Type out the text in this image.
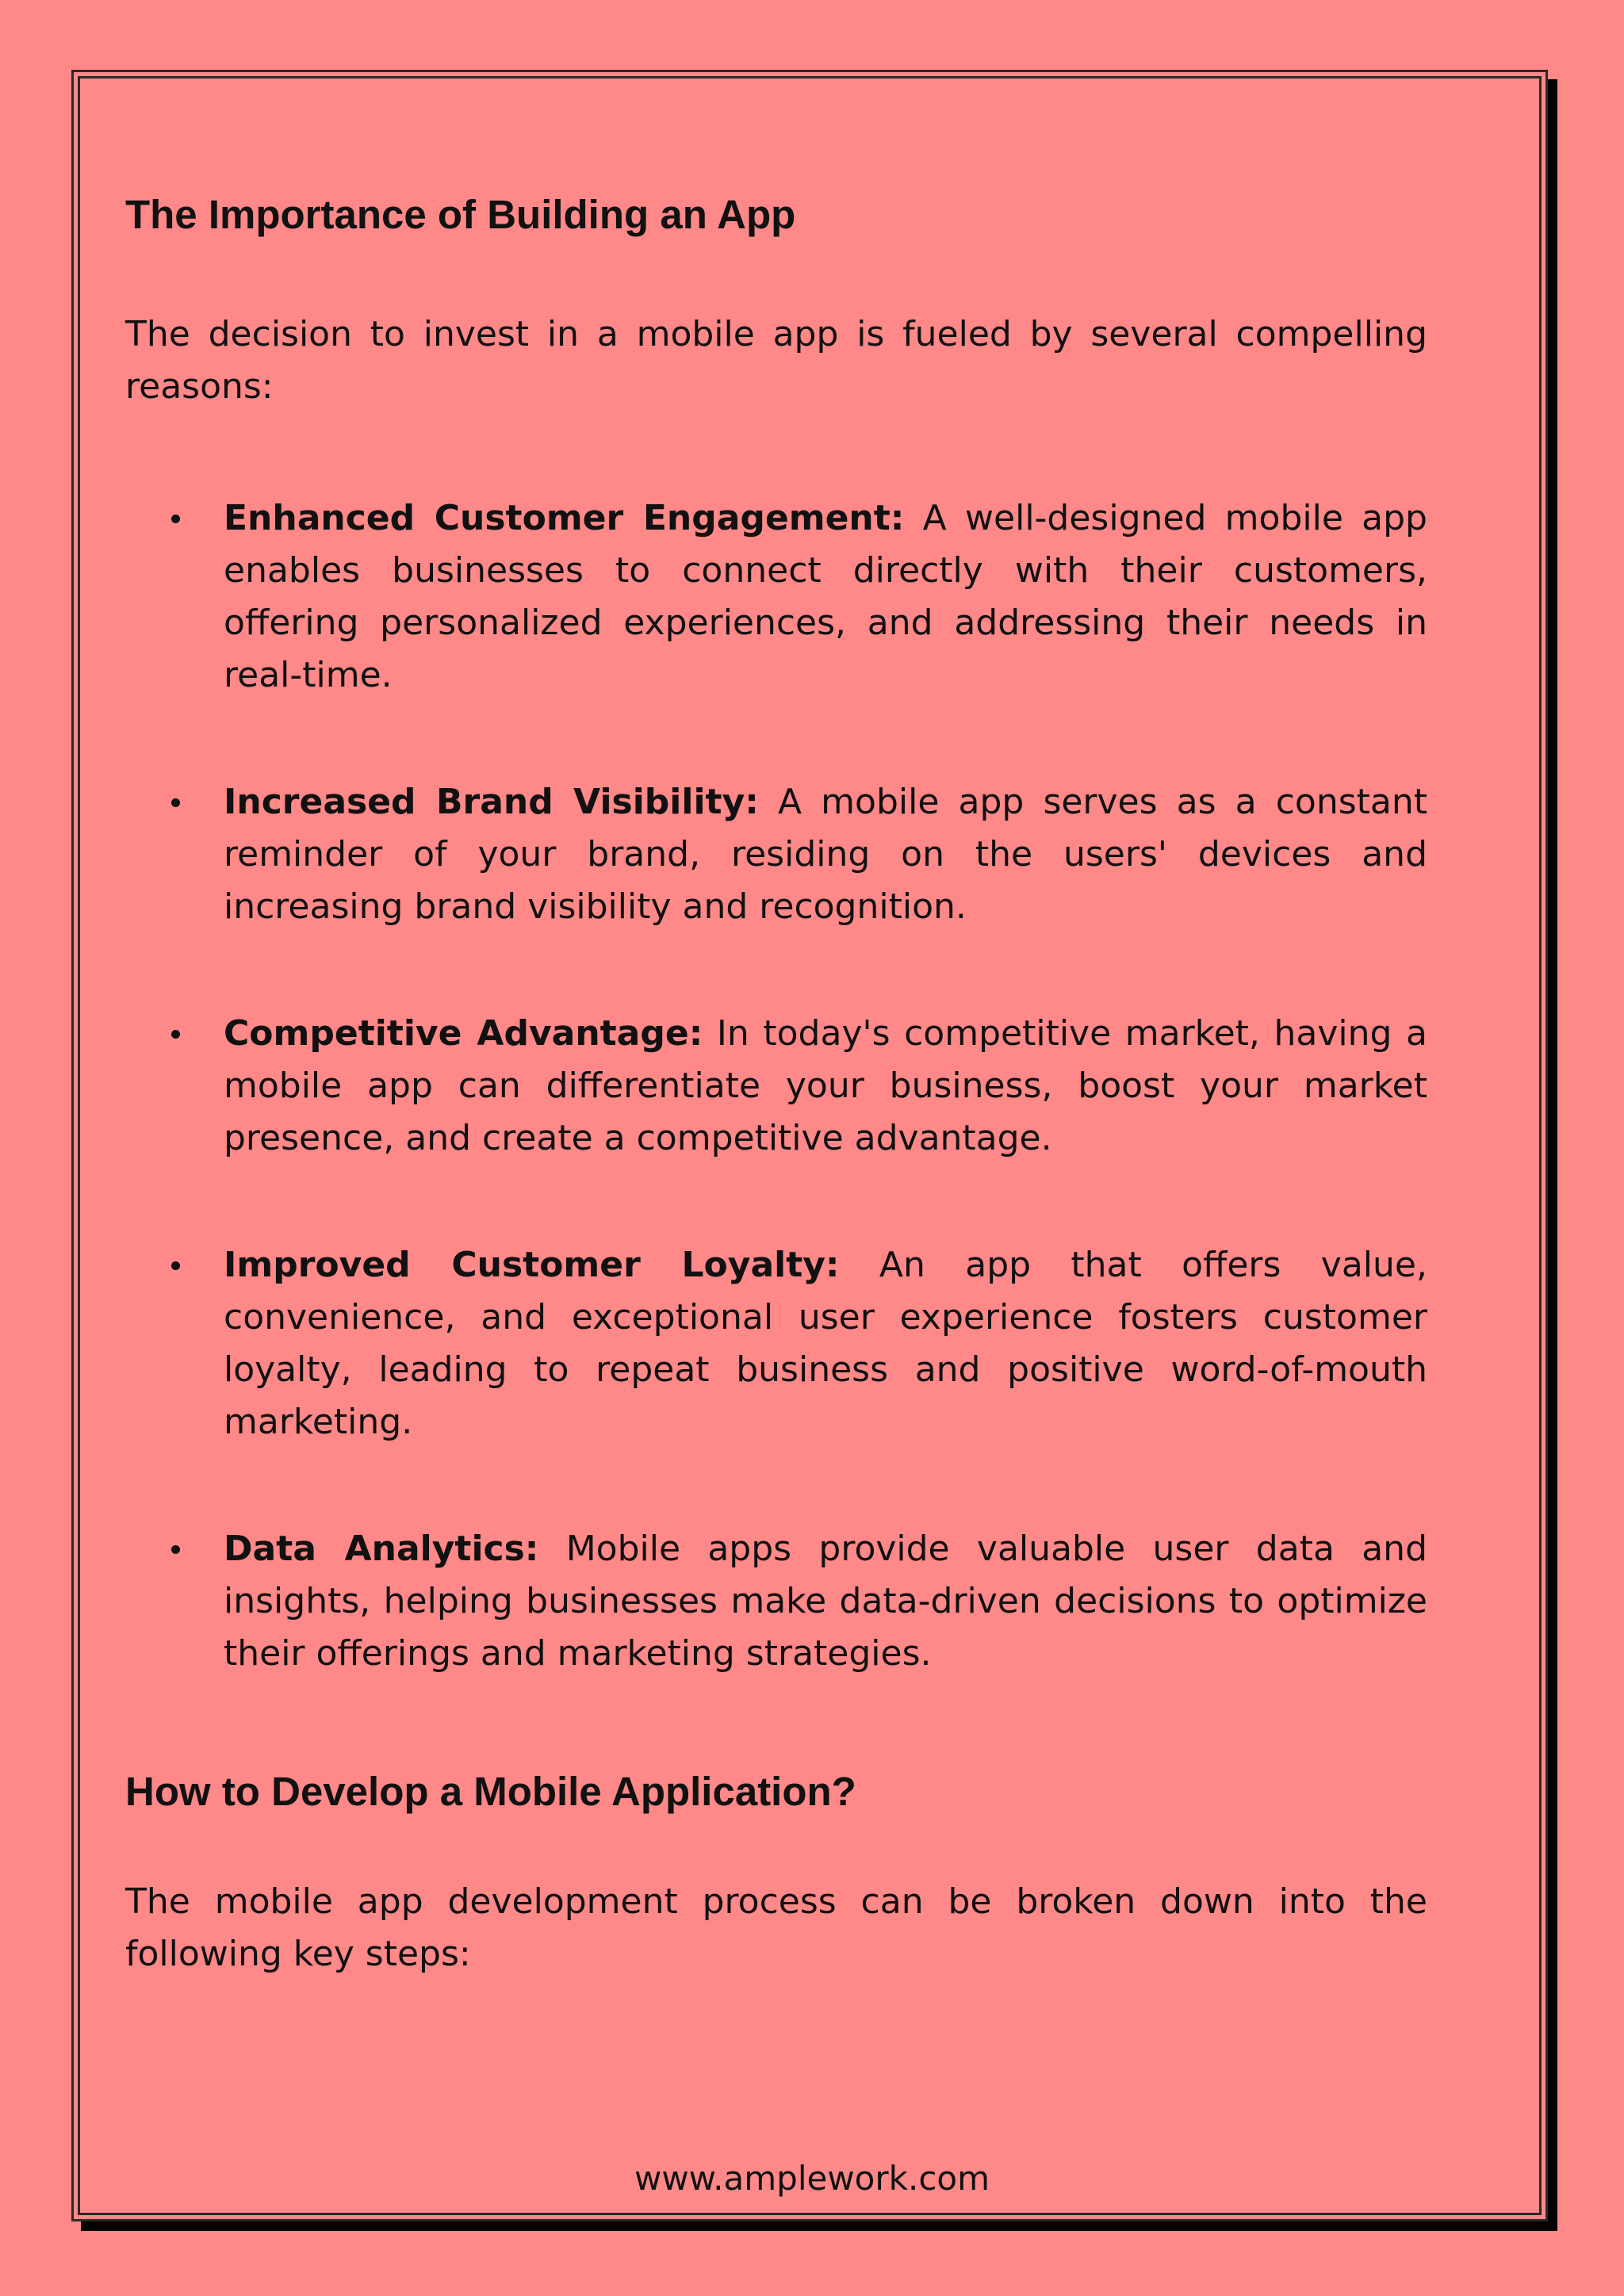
The Importance of Building an App

The decision to invest in a mobile app is fueled by several compelling reasons:

Enhanced Customer Engagement: A well-designed mobile app enables businesses to connect directly with their customers, offering personalized experiences, and addressing their needs in real-time.
Increased Brand Visibility: A mobile app serves as a constant reminder of your brand, residing on the users' devices and increasing brand visibility and recognition.
Competitive Advantage: In today's competitive market, having a mobile app can differentiate your business, boost your market presence, and create a competitive advantage.
Improved Customer Loyalty: An app that offers value, convenience, and exceptional user experience fosters customer loyalty, leading to repeat business and positive word-of-mouth marketing.
Data Analytics: Mobile apps provide valuable user data and insights, helping businesses make data-driven decisions to optimize their offerings and marketing strategies.
How to Develop a Mobile Application?

The mobile app development process can be broken down into the following key steps:

www.amplework.com
